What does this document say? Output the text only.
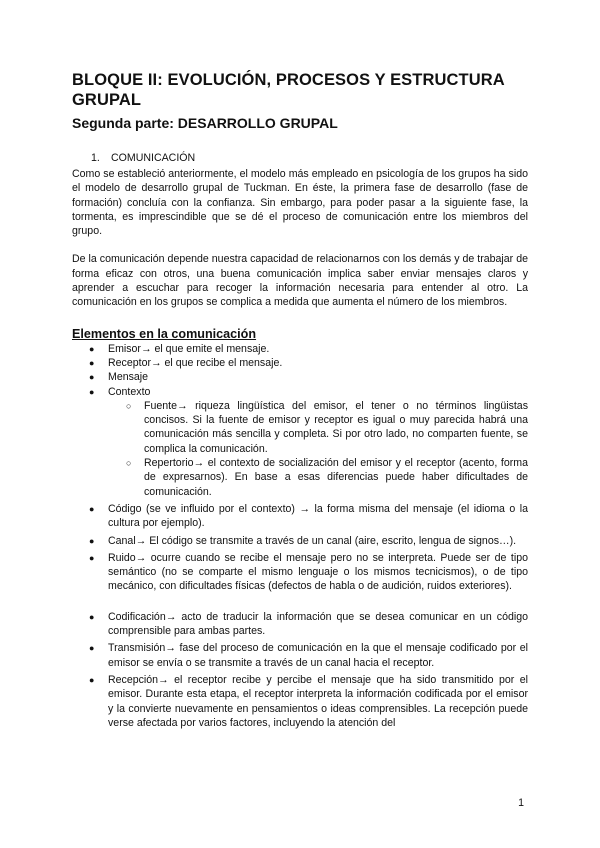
BLOQUE II: EVOLUCIÓN, PROCESOS Y ESTRUCTURA
GRUPAL
Segunda parte: DESARROLLO GRUPAL
1.	COMUNICACIÓN

Como se estableció anteriormente, el modelo más empleado en psicología de los grupos ha sido el modelo de desarrollo grupal de Tuckman. En éste, la primera fase de desarrollo (fase de formación) concluía con la confianza. Sin embargo, para poder pasar a la siguiente fase, la tormenta, es imprescindible que se dé el proceso de comunicación entre los miembros del grupo.

De la comunicación depende nuestra capacidad de relacionarnos con los demás y de trabajar de forma eficaz con otros, una buena comunicación implica saber enviar mensajes claros y aprender a escuchar para recoger la información necesaria para entender al otro. La comunicación en los grupos se complica a medida que aumenta el número de los miembros.

Elementos en la comunicación
● Emisor→ el que emite el mensaje.
● Receptor→ el que recibe el mensaje.
● Mensaje
● Contexto
○ Fuente→ riqueza lingüística del emisor, el tener o no términos lingüistas concisos. Si la fuente de emisor y receptor es igual o muy parecida habrá una comunicación más sencilla y completa. Si por otro lado, no comparten fuente, se complica la comunicación.
○ Repertorio→ el contexto de socialización del emisor y el receptor (acento, forma de expresarnos). En base a esas diferencias puede haber dificultades de comunicación.
● Código (se ve influido por el contexto) → la forma misma del mensaje (el idioma o la cultura por ejemplo).
● Canal→ El código se transmite a través de un canal (aire, escrito, lengua de signos…).
● Ruido→ ocurre cuando se recibe el mensaje pero no se interpreta. Puede ser de tipo semántico (no se comparte el mismo lenguaje o los mismos tecnicismos), o de tipo mecánico, con dificultades físicas (defectos de habla o de audición, ruidos exteriores).
● Codificación→ acto de traducir la información que se desea comunicar en un código comprensible para ambas partes.
● Transmisión→ fase del proceso de comunicación en la que el mensaje codificado por el emisor se envía o se transmite a través de un canal hacia el receptor.
● Recepción→ el receptor recibe y percibe el mensaje que ha sido transmitido por el emisor. Durante esta etapa, el receptor interpreta la información codificada por el emisor y la convierte nuevamente en pensamientos o ideas comprensibles. La recepción puede verse afectada por varios factores, incluyendo la atención del
1
